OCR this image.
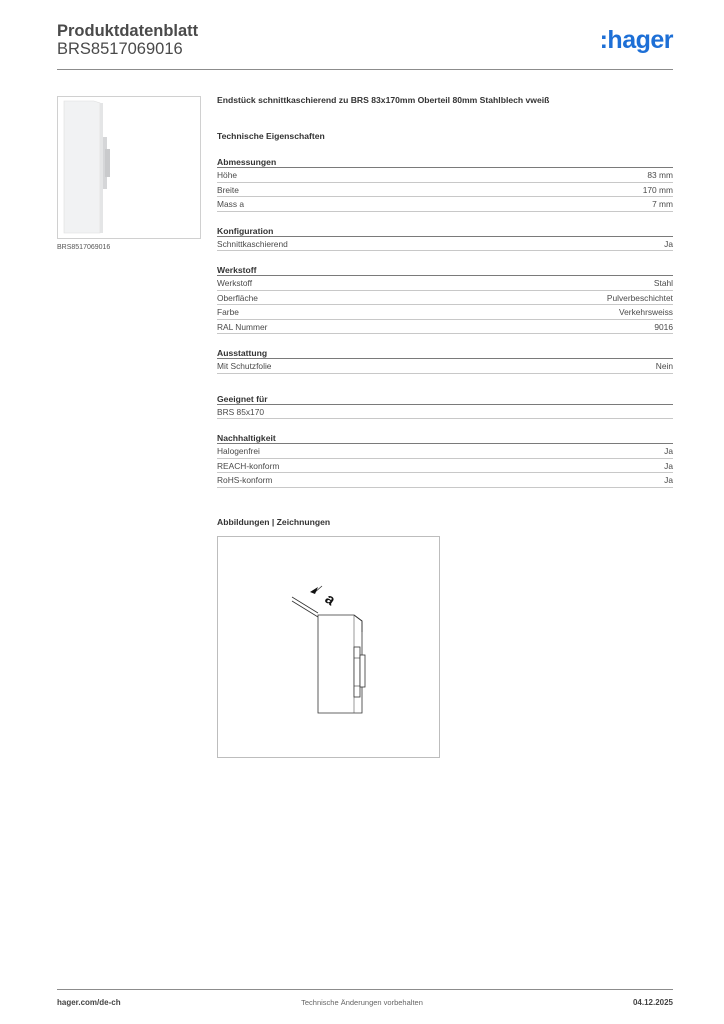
Produktdatenblatt
BRS8517069016	:hager
BRS8517069016
Endstück schnittkaschierend zu BRS 83x170mm Oberteil 80mm Stahlblech vweiß
Technische Eigenschaften
Abmessungen
Höhe	83 mm
Breite	170 mm
Mass a	7 mm
Konfiguration
Schnittkaschierend	Ja
Werkstoff
Werkstoff	Stahl
Oberfläche	Pulverbeschichtet
Farbe	Verkehrsweiss
RAL Nummer	9016
Ausstattung
Mit Schutzfolie	Nein
Geeignet für
BRS 85x170
Nachhaltigkeit
Halogenfrei	Ja
REACH-konform	Ja
RoHS-konform	Ja
Abbildungen | Zeichnungen
a
hager.com/de-ch	Technische Änderungen vorbehalten	04.12.2025
